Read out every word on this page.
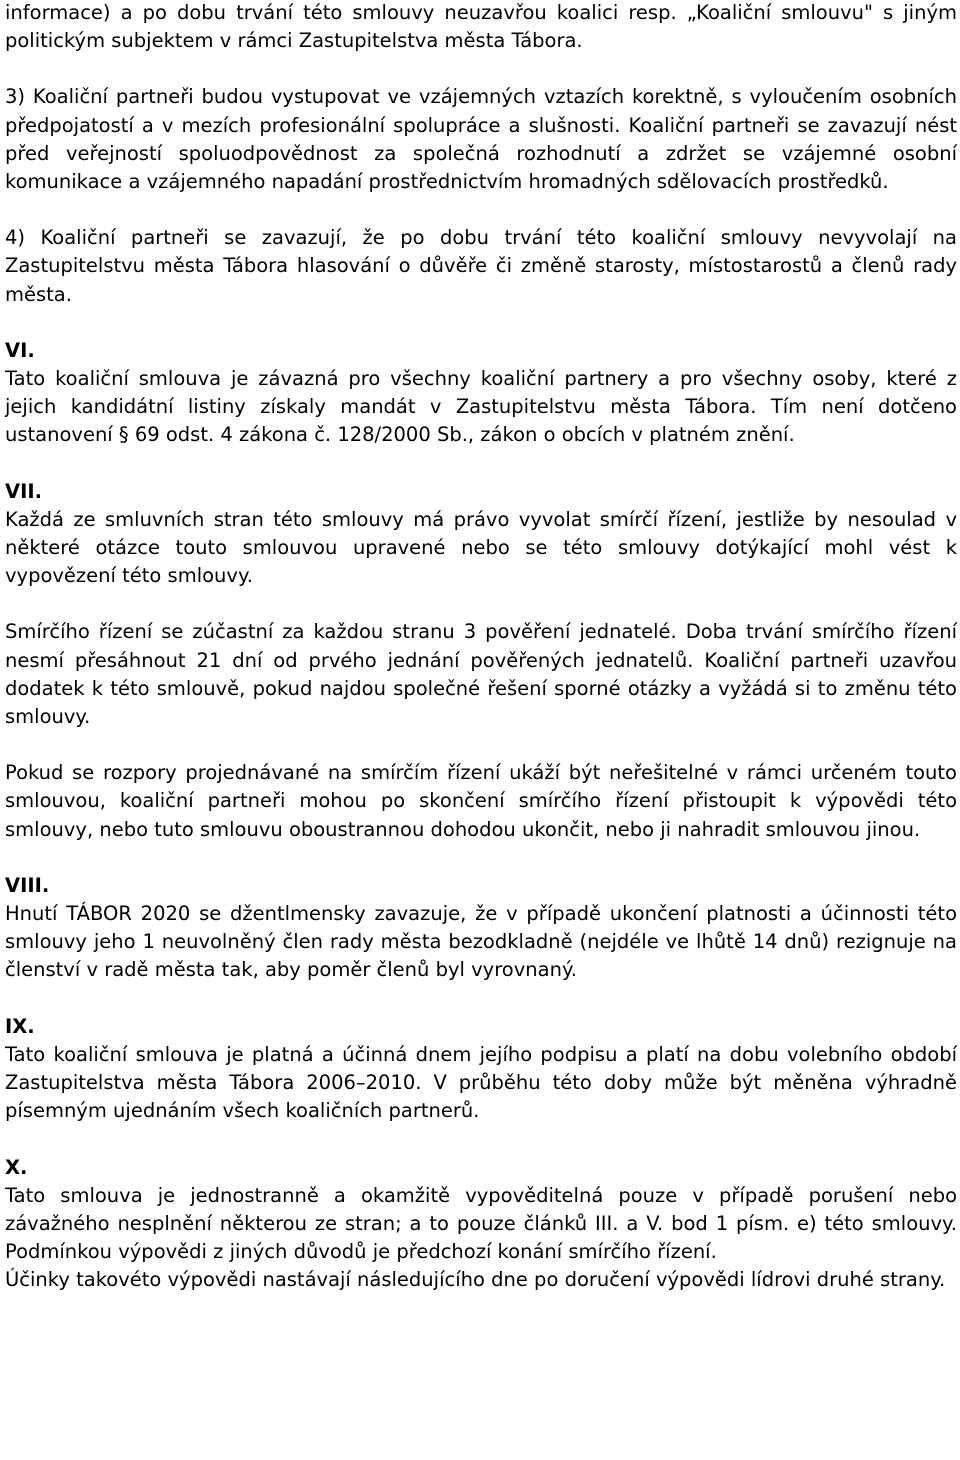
informace) a po dobu trvání této smlouvy neuzavřou koalici resp. „Koaliční smlouvu" s jiným politickým subjektem v rámci Zastupitelstva města Tábora.

3) Koaliční partneři budou vystupovat ve vzájemných vztazích korektně, s vyloučením osobních předpojatostí a v mezích profesionální spolupráce a slušnosti. Koaliční partneři se zavazují nést před veřejností spoluodpovědnost za společná rozhodnutí a zdržet se vzájemné osobní komunikace a vzájemného napadání prostřednictvím hromadných sdělovacích prostředků.

4) Koaliční partneři se zavazují, že po dobu trvání této koaliční smlouvy nevyvolají na Zastupitelstvu města Tábora hlasování o důvěře či změně starosty, místostarostů a členů rady města.

VI.

Tato koaliční smlouva je závazná pro všechny koaliční partnery a pro všechny osoby, které z jejich kandidátní listiny získaly mandát v Zastupitelstvu města Tábora. Tím není dotčeno ustanovení § 69 odst. 4 zákona č. 128/2000 Sb., zákon o obcích v platném znění.

VII.

Každá ze smluvních stran této smlouvy má právo vyvolat smírčí řízení, jestliže by nesoulad v některé otázce touto smlouvou upravené nebo se této smlouvy dotýkající mohl vést k vypovězení této smlouvy.

Smírčího řízení se zúčastní za každou stranu 3 pověření jednatelé. Doba trvání smírčího řízení nesmí přesáhnout 21 dní od prvého jednání pověřených jednatelů. Koaliční partneři uzavřou dodatek k této smlouvě, pokud najdou společné řešení sporné otázky a vyžádá si to změnu této smlouvy.

Pokud se rozpory projednávané na smírčím řízení ukáží být neřešitelné v rámci určeném touto smlouvou, koaliční partneři mohou po skončení smírčího řízení přistoupit k výpovědi této smlouvy, nebo tuto smlouvu oboustrannou dohodou ukončit, nebo ji nahradit smlouvou jinou.

VIII.

Hnutí TÁBOR 2020 se džentlmensky zavazuje, že v případě ukončení platnosti a účinnosti této smlouvy jeho 1 neuvolněný člen rady města bezodkladně (nejdéle ve lhůtě 14 dnů) rezignuje na členství v radě města tak, aby poměr členů byl vyrovnaný.

IX.

Tato koaliční smlouva je platná a účinná dnem jejího podpisu a platí na dobu volebního období Zastupitelstva města Tábora 2006–2010. V průběhu této doby může být měněna výhradně písemným ujednáním všech koaličních partnerů.

X.

Tato smlouva je jednostranně a okamžitě vypověditelná pouze v případě porušení nebo závažného nesplnění některou ze stran; a to pouze článků III. a V. bod 1 písm. e) této smlouvy. Podmínkou výpovědi z jiných důvodů je předchozí konání smírčího řízení.

Účinky takovéto výpovědi nastávají následujícího dne po doručení výpovědi lídrovi druhé strany.
